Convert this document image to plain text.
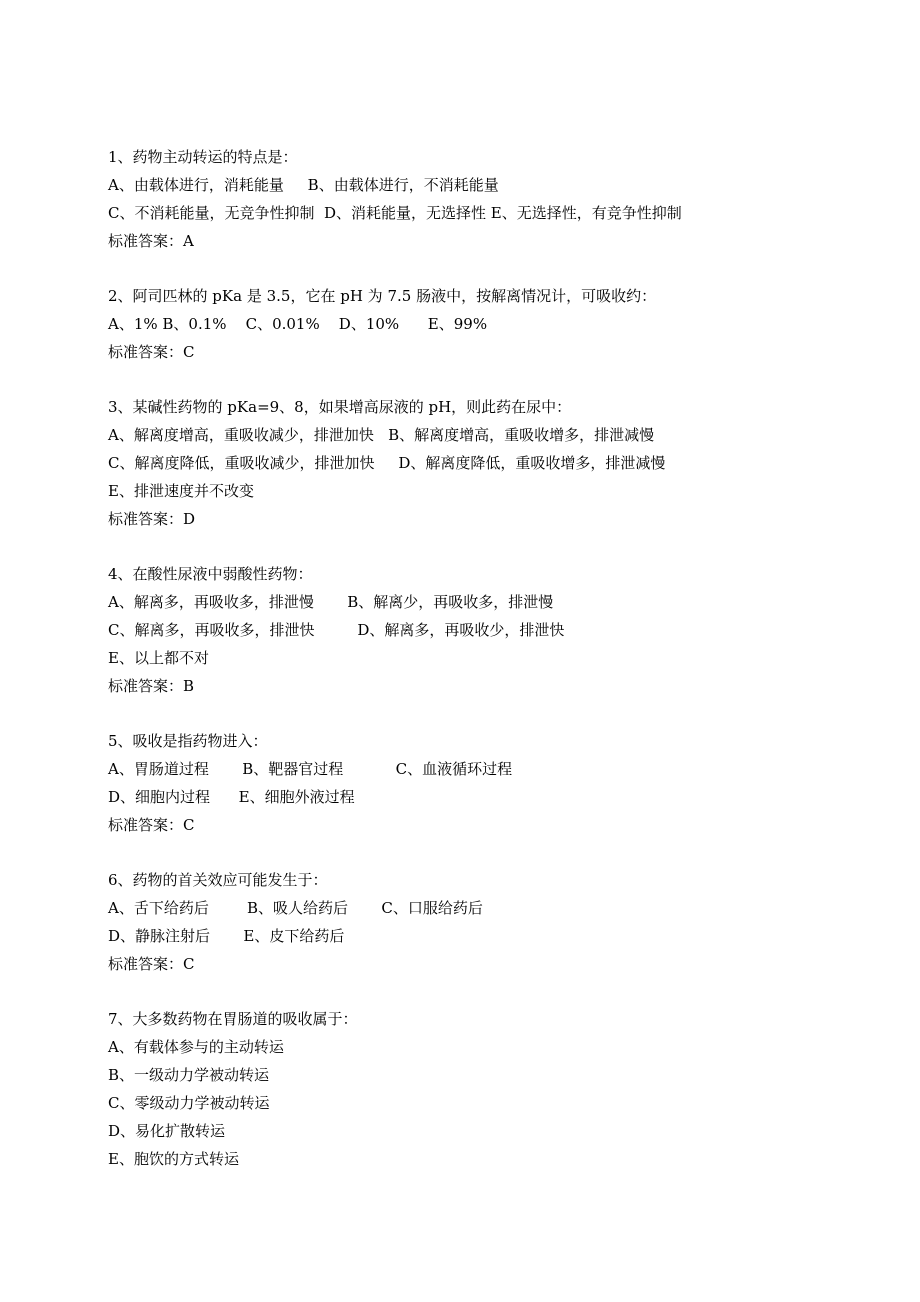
1、药物主动转运的特点是：
A、由载体进行，消耗能量     B、由载体进行，不消耗能量
C、不消耗能量，无竞争性抑制  D、消耗能量，无选择性 E、无选择性，有竞争性抑制
标准答案：A
2、阿司匹林的 pKa 是 3.5，它在 pH 为 7.5 肠液中，按解离情况计，可吸收约：
A、1% B、0.1%    C、0.01%    D、10%      E、99%
标准答案：C
3、某碱性药物的 pKa=9、8，如果增高尿液的 pH，则此药在尿中：
A、解离度增高，重吸收减少，排泄加快   B、解离度增高，重吸收增多，排泄减慢
C、解离度降低，重吸收减少，排泄加快     D、解离度降低，重吸收增多，排泄减慢
E、排泄速度并不改变
标准答案：D
4、在酸性尿液中弱酸性药物：
A、解离多，再吸收多，排泄慢       B、解离少，再吸收多，排泄慢
C、解离多，再吸收多，排泄快         D、解离多，再吸收少，排泄快
E、以上都不对
标准答案：B
5、吸收是指药物进入：
A、胃肠道过程       B、靶器官过程           C、血液循环过程
D、细胞内过程      E、细胞外液过程
标准答案：C
6、药物的首关效应可能发生于：
A、舌下给药后        B、吸人给药后       C、口服给药后
D、静脉注射后       E、皮下给药后
标准答案：C
7、大多数药物在胃肠道的吸收属于：
A、有载体参与的主动转运
B、一级动力学被动转运
C、零级动力学被动转运
D、易化扩散转运
E、胞饮的方式转运
